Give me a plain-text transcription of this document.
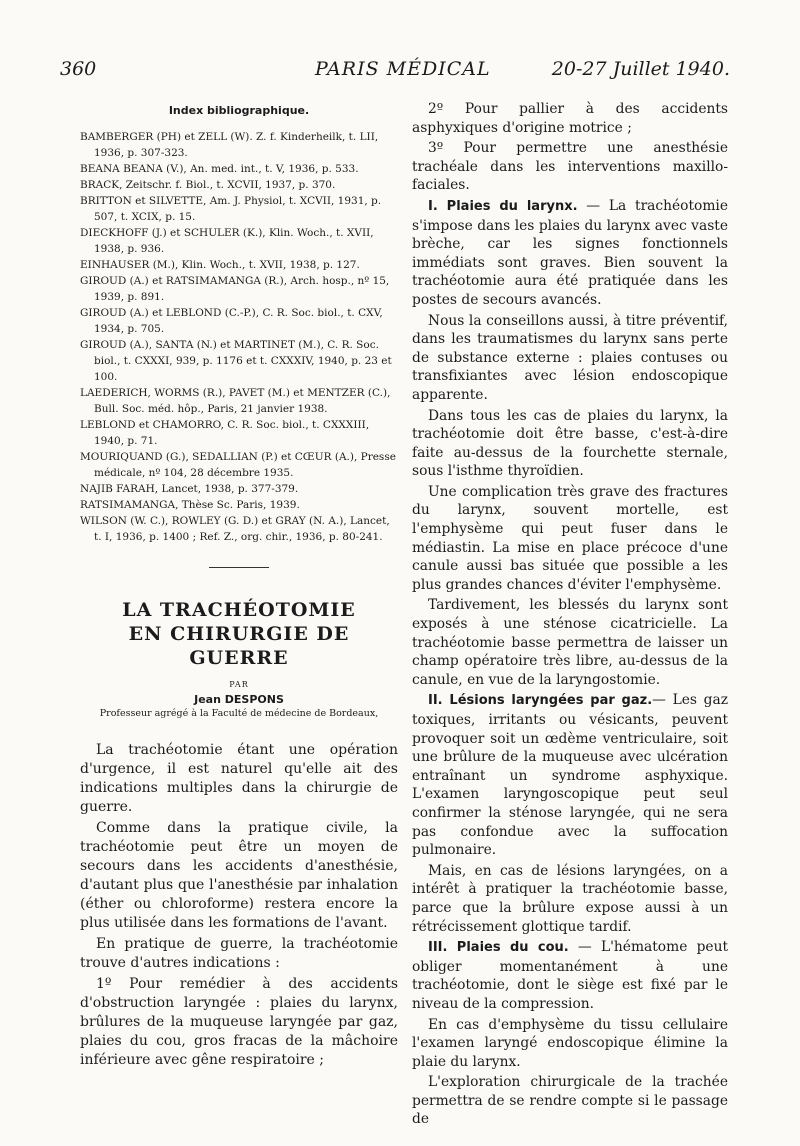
360	PARIS MÉDICAL	20-27 Juillet 1940.
Index bibliographique.

BAMBERGER (PH) et ZELL (W). Z. f. Kinderheilk, t. LII, 1936, p. 307-323.

BEANA BEANA (V.), An. med. int., t. V, 1936, p. 533.

BRACK, Zeitschr. f. Biol., t. XCVII, 1937, p. 370.

BRITTON et SILVETTE, Am. J. Physiol, t. XCVII, 1931, p. 507, t. XCIX, p. 15.

DIECKHOFF (J.) et SCHULER (K.), Klin. Woch., t. XVII, 1938, p. 936.

EINHAUSER (M.), Klin. Woch., t. XVII, 1938, p. 127.

GIROUD (A.) et RATSIMAMANGA (R.), Arch. hosp., nº 15, 1939, p. 891.

GIROUD (A.) et LEBLOND (C.-P.), C. R. Soc. biol., t. CXV, 1934, p. 705.

GIROUD (A.), SANTA (N.) et MARTINET (M.), C. R. Soc. biol., t. CXXXI, 939, p. 1176 et t. CXXXIV, 1940, p. 23 et 100.

LAEDERICH, WORMS (R.), PAVET (M.) et MENTZER (C.), Bull. Soc. méd. hôp., Paris, 21 janvier 1938.

LEBLOND et CHAMORRO, C. R. Soc. biol., t. CXXXIII, 1940, p. 71.

MOURIQUAND (G.), SEDALLIAN (P.) et CŒUR (A.), Presse médicale, nº 104, 28 décembre 1935.

NAJIB FARAH, Lancet, 1938, p. 377-379.

RATSIMAMANGA, Thèse Sc. Paris, 1939.

WILSON (W. C.), ROWLEY (G. D.) et GRAY (N. A.), Lancet, t. I, 1936, p. 1400 ; Ref. Z., org. chir., 1936, p. 80-241.

LA TRACHÉOTOMIE

EN CHIRURGIE DE GUERRE

PAR

Jean DESPONS

Professeur agrégé à la Faculté de médecine de Bordeaux,

La trachéotomie étant une opération d'urgence, il est naturel qu'elle ait des indications multiples dans la chirurgie de guerre.

Comme dans la pratique civile, la trachéotomie peut être un moyen de secours dans les accidents d'anesthésie, d'autant plus que l'anesthésie par inhalation (éther ou chloroforme) restera encore la plus utilisée dans les formations de l'avant.

En pratique de guerre, la trachéotomie trouve d'autres indications :

1º Pour remédier à des accidents d'obstruction laryngée : plaies du larynx, brûlures de la muqueuse laryngée par gaz, plaies du cou, gros fracas de la mâchoire inférieure avec gêne respiratoire ;

2º Pour pallier à des accidents asphyxiques d'origine motrice ;

3º Pour permettre une anesthésie trachéale dans les interventions maxillo-faciales.

I. Plaies du larynx. — La trachéotomie s'impose dans les plaies du larynx avec vaste brèche, car les signes fonctionnels immédiats sont graves. Bien souvent la trachéotomie aura été pratiquée dans les postes de secours avancés.

Nous la conseillons aussi, à titre préventif, dans les traumatismes du larynx sans perte de substance externe : plaies contuses ou transfixiantes avec lésion endoscopique apparente.

Dans tous les cas de plaies du larynx, la trachéotomie doit être basse, c'est-à-dire faite au-dessus de la fourchette sternale, sous l'isthme thyroïdien.

Une complication très grave des fractures du larynx, souvent mortelle, est l'emphysème qui peut fuser dans le médiastin. La mise en place précoce d'une canule aussi bas située que possible a les plus grandes chances d'éviter l'emphysème.

Tardivement, les blessés du larynx sont exposés à une sténose cicatricielle. La trachéotomie basse permettra de laisser un champ opératoire très libre, au-dessus de la canule, en vue de la laryngostomie.

II. Lésions laryngées par gaz.— Les gaz toxiques, irritants ou vésicants, peuvent provoquer soit un œdème ventriculaire, soit une brûlure de la muqueuse avec ulcération entraînant un syndrome asphyxique. L'examen laryngoscopique peut seul confirmer la sténose laryngée, qui ne sera pas confondue avec la suffocation pulmonaire.

Mais, en cas de lésions laryngées, on a intérêt à pratiquer la trachéotomie basse, parce que la brûlure expose aussi à un rétrécissement glottique tardif.

III. Plaies du cou. — L'hématome peut obliger momentanément à une trachéotomie, dont le siège est fixé par le niveau de la compression.

En cas d'emphysème du tissu cellulaire l'examen laryngé endoscopique élimine la plaie du larynx.

L'exploration chirurgicale de la trachée permettra de se rendre compte si le passage de
